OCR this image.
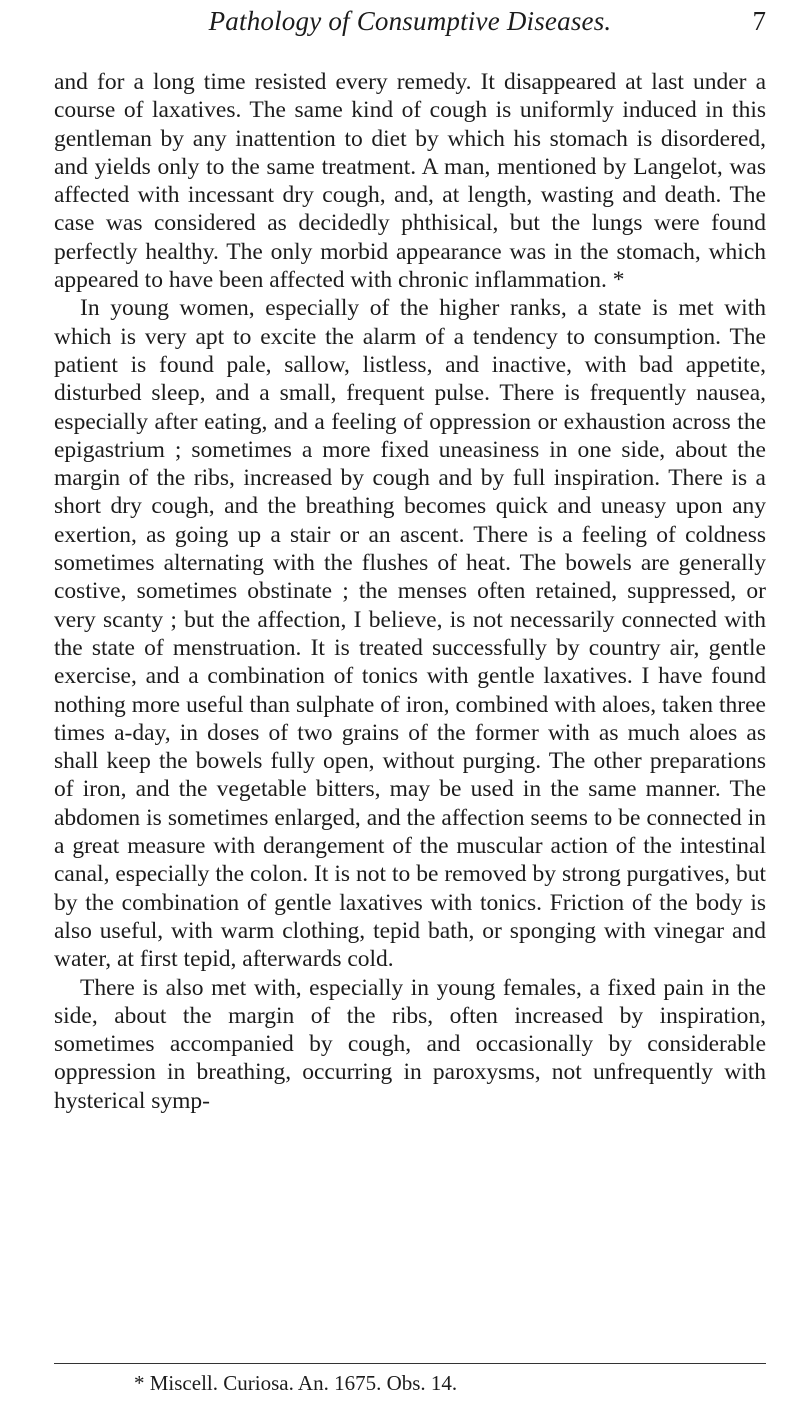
Pathology of Consumptive Diseases.	7

and for a long time resisted every remedy. It disappeared at last under a course of laxatives. The same kind of cough is uniformly induced in this gentleman by any inattention to diet by which his stomach is disordered, and yields only to the same treatment. A man, mentioned by Langelot, was affected with incessant dry cough, and, at length, wasting and death. The case was considered as decidedly phthisical, but the lungs were found perfectly healthy. The only morbid appearance was in the stomach, which appeared to have been affected with chronic inflammation. *

In young women, especially of the higher ranks, a state is met with which is very apt to excite the alarm of a tendency to consumption. The patient is found pale, sallow, listless, and inactive, with bad appetite, disturbed sleep, and a small, frequent pulse. There is frequently nausea, especially after eating, and a feeling of oppression or exhaustion across the epigastrium ; sometimes a more fixed uneasiness in one side, about the margin of the ribs, increased by cough and by full inspiration. There is a short dry cough, and the breathing becomes quick and uneasy upon any exertion, as going up a stair or an ascent. There is a feeling of coldness sometimes alternating with the flushes of heat. The bowels are generally costive, sometimes obstinate ; the menses often retained, suppressed, or very scanty ; but the affection, I believe, is not necessarily connected with the state of menstruation. It is treated successfully by country air, gentle exercise, and a combination of tonics with gentle laxatives. I have found nothing more useful than sulphate of iron, combined with aloes, taken three times a-day, in doses of two grains of the former with as much aloes as shall keep the bowels fully open, without purging. The other preparations of iron, and the vegetable bitters, may be used in the same manner. The abdomen is sometimes enlarged, and the affection seems to be connected in a great measure with derangement of the muscular action of the intestinal canal, especially the colon. It is not to be removed by strong purgatives, but by the combination of gentle laxatives with tonics. Friction of the body is also useful, with warm clothing, tepid bath, or sponging with vinegar and water, at first tepid, afterwards cold.

There is also met with, especially in young females, a fixed pain in the side, about the margin of the ribs, often increased by inspiration, sometimes accompanied by cough, and occasionally by considerable oppression in breathing, occurring in paroxysms, not unfrequently with hysterical symp-

* Miscell. Curiosa. An. 1675. Obs. 14.
